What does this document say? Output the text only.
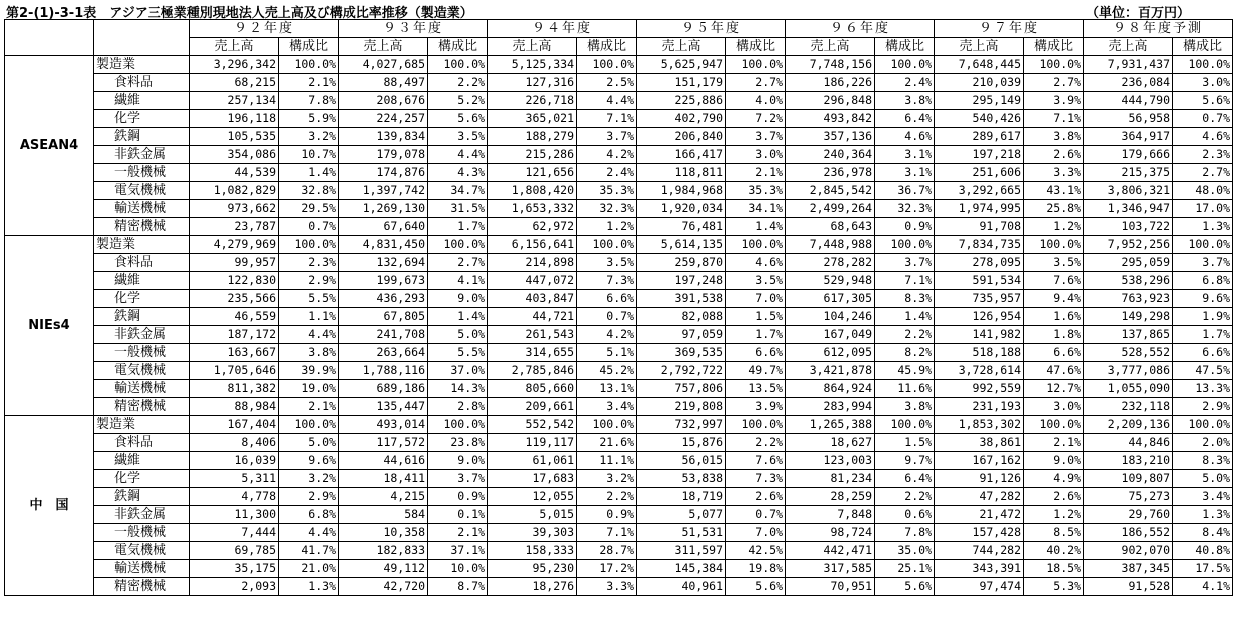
第2-(1)-3-1表　アジア三極業種別現地法人売上高及び構成比率推移（製造業）	（単位：百万円）
		９２年度		９３年度		９４年度		９５年度		９６年度		９７年度		９８年度予測	
		売上高	構成比	売上高	構成比	売上高	構成比	売上高	構成比	売上高	構成比	売上高	構成比	売上高	構成比
ASEAN4	製造業	3,296,342	100.0%	4,027,685	100.0%	5,125,334	100.0%	5,625,947	100.0%	7,748,156	100.0%	7,648,445	100.0%	7,931,437	100.0%
	食料品	68,215	2.1%	88,497	2.2%	127,316	2.5%	151,179	2.7%	186,226	2.4%	210,039	2.7%	236,084	3.0%
	繊維	257,134	7.8%	208,676	5.2%	226,718	4.4%	225,886	4.0%	296,848	3.8%	295,149	3.9%	444,790	5.6%
	化学	196,118	5.9%	224,257	5.6%	365,021	7.1%	402,790	7.2%	493,842	6.4%	540,426	7.1%	56,958	0.7%
	鉄鋼	105,535	3.2%	139,834	3.5%	188,279	3.7%	206,840	3.7%	357,136	4.6%	289,617	3.8%	364,917	4.6%
	非鉄金属	354,086	10.7%	179,078	4.4%	215,286	4.2%	166,417	3.0%	240,364	3.1%	197,218	2.6%	179,666	2.3%
	一般機械	44,539	1.4%	174,876	4.3%	121,656	2.4%	118,811	2.1%	236,978	3.1%	251,606	3.3%	215,375	2.7%
	電気機械	1,082,829	32.8%	1,397,742	34.7%	1,808,420	35.3%	1,984,968	35.3%	2,845,542	36.7%	3,292,665	43.1%	3,806,321	48.0%
	輸送機械	973,662	29.5%	1,269,130	31.5%	1,653,332	32.3%	1,920,034	34.1%	2,499,264	32.3%	1,974,995	25.8%	1,346,947	17.0%
	精密機械	23,787	0.7%	67,640	1.7%	62,972	1.2%	76,481	1.4%	68,643	0.9%	91,708	1.2%	103,722	1.3%
NIEs4	製造業	4,279,969	100.0%	4,831,450	100.0%	6,156,641	100.0%	5,614,135	100.0%	7,448,988	100.0%	7,834,735	100.0%	7,952,256	100.0%
	食料品	99,957	2.3%	132,694	2.7%	214,898	3.5%	259,870	4.6%	278,282	3.7%	278,095	3.5%	295,059	3.7%
	繊維	122,830	2.9%	199,673	4.1%	447,072	7.3%	197,248	3.5%	529,948	7.1%	591,534	7.6%	538,296	6.8%
	化学	235,566	5.5%	436,293	9.0%	403,847	6.6%	391,538	7.0%	617,305	8.3%	735,957	9.4%	763,923	9.6%
	鉄鋼	46,559	1.1%	67,805	1.4%	44,721	0.7%	82,088	1.5%	104,246	1.4%	126,954	1.6%	149,298	1.9%
	非鉄金属	187,172	4.4%	241,708	5.0%	261,543	4.2%	97,059	1.7%	167,049	2.2%	141,982	1.8%	137,865	1.7%
	一般機械	163,667	3.8%	263,664	5.5%	314,655	5.1%	369,535	6.6%	612,095	8.2%	518,188	6.6%	528,552	6.6%
	電気機械	1,705,646	39.9%	1,788,116	37.0%	2,785,846	45.2%	2,792,722	49.7%	3,421,878	45.9%	3,728,614	47.6%	3,777,086	47.5%
	輸送機械	811,382	19.0%	689,186	14.3%	805,660	13.1%	757,806	13.5%	864,924	11.6%	992,559	12.7%	1,055,090	13.3%
	精密機械	88,984	2.1%	135,447	2.8%	209,661	3.4%	219,808	3.9%	283,994	3.8%	231,193	3.0%	232,118	2.9%
中　国	製造業	167,404	100.0%	493,014	100.0%	552,542	100.0%	732,997	100.0%	1,265,388	100.0%	1,853,302	100.0%	2,209,136	100.0%
	食料品	8,406	5.0%	117,572	23.8%	119,117	21.6%	15,876	2.2%	18,627	1.5%	38,861	2.1%	44,846	2.0%
	繊維	16,039	9.6%	44,616	9.0%	61,061	11.1%	56,015	7.6%	123,003	9.7%	167,162	9.0%	183,210	8.3%
	化学	5,311	3.2%	18,411	3.7%	17,683	3.2%	53,838	7.3%	81,234	6.4%	91,126	4.9%	109,807	5.0%
	鉄鋼	4,778	2.9%	4,215	0.9%	12,055	2.2%	18,719	2.6%	28,259	2.2%	47,282	2.6%	75,273	3.4%
	非鉄金属	11,300	6.8%	584	0.1%	5,015	0.9%	5,077	0.7%	7,848	0.6%	21,472	1.2%	29,760	1.3%
	一般機械	7,444	4.4%	10,358	2.1%	39,303	7.1%	51,531	7.0%	98,724	7.8%	157,428	8.5%	186,552	8.4%
	電気機械	69,785	41.7%	182,833	37.1%	158,333	28.7%	311,597	42.5%	442,471	35.0%	744,282	40.2%	902,070	40.8%
	輸送機械	35,175	21.0%	49,112	10.0%	95,230	17.2%	145,384	19.8%	317,585	25.1%	343,391	18.5%	387,345	17.5%
	精密機械	2,093	1.3%	42,720	8.7%	18,276	3.3%	40,961	5.6%	70,951	5.6%	97,474	5.3%	91,528	4.1%
